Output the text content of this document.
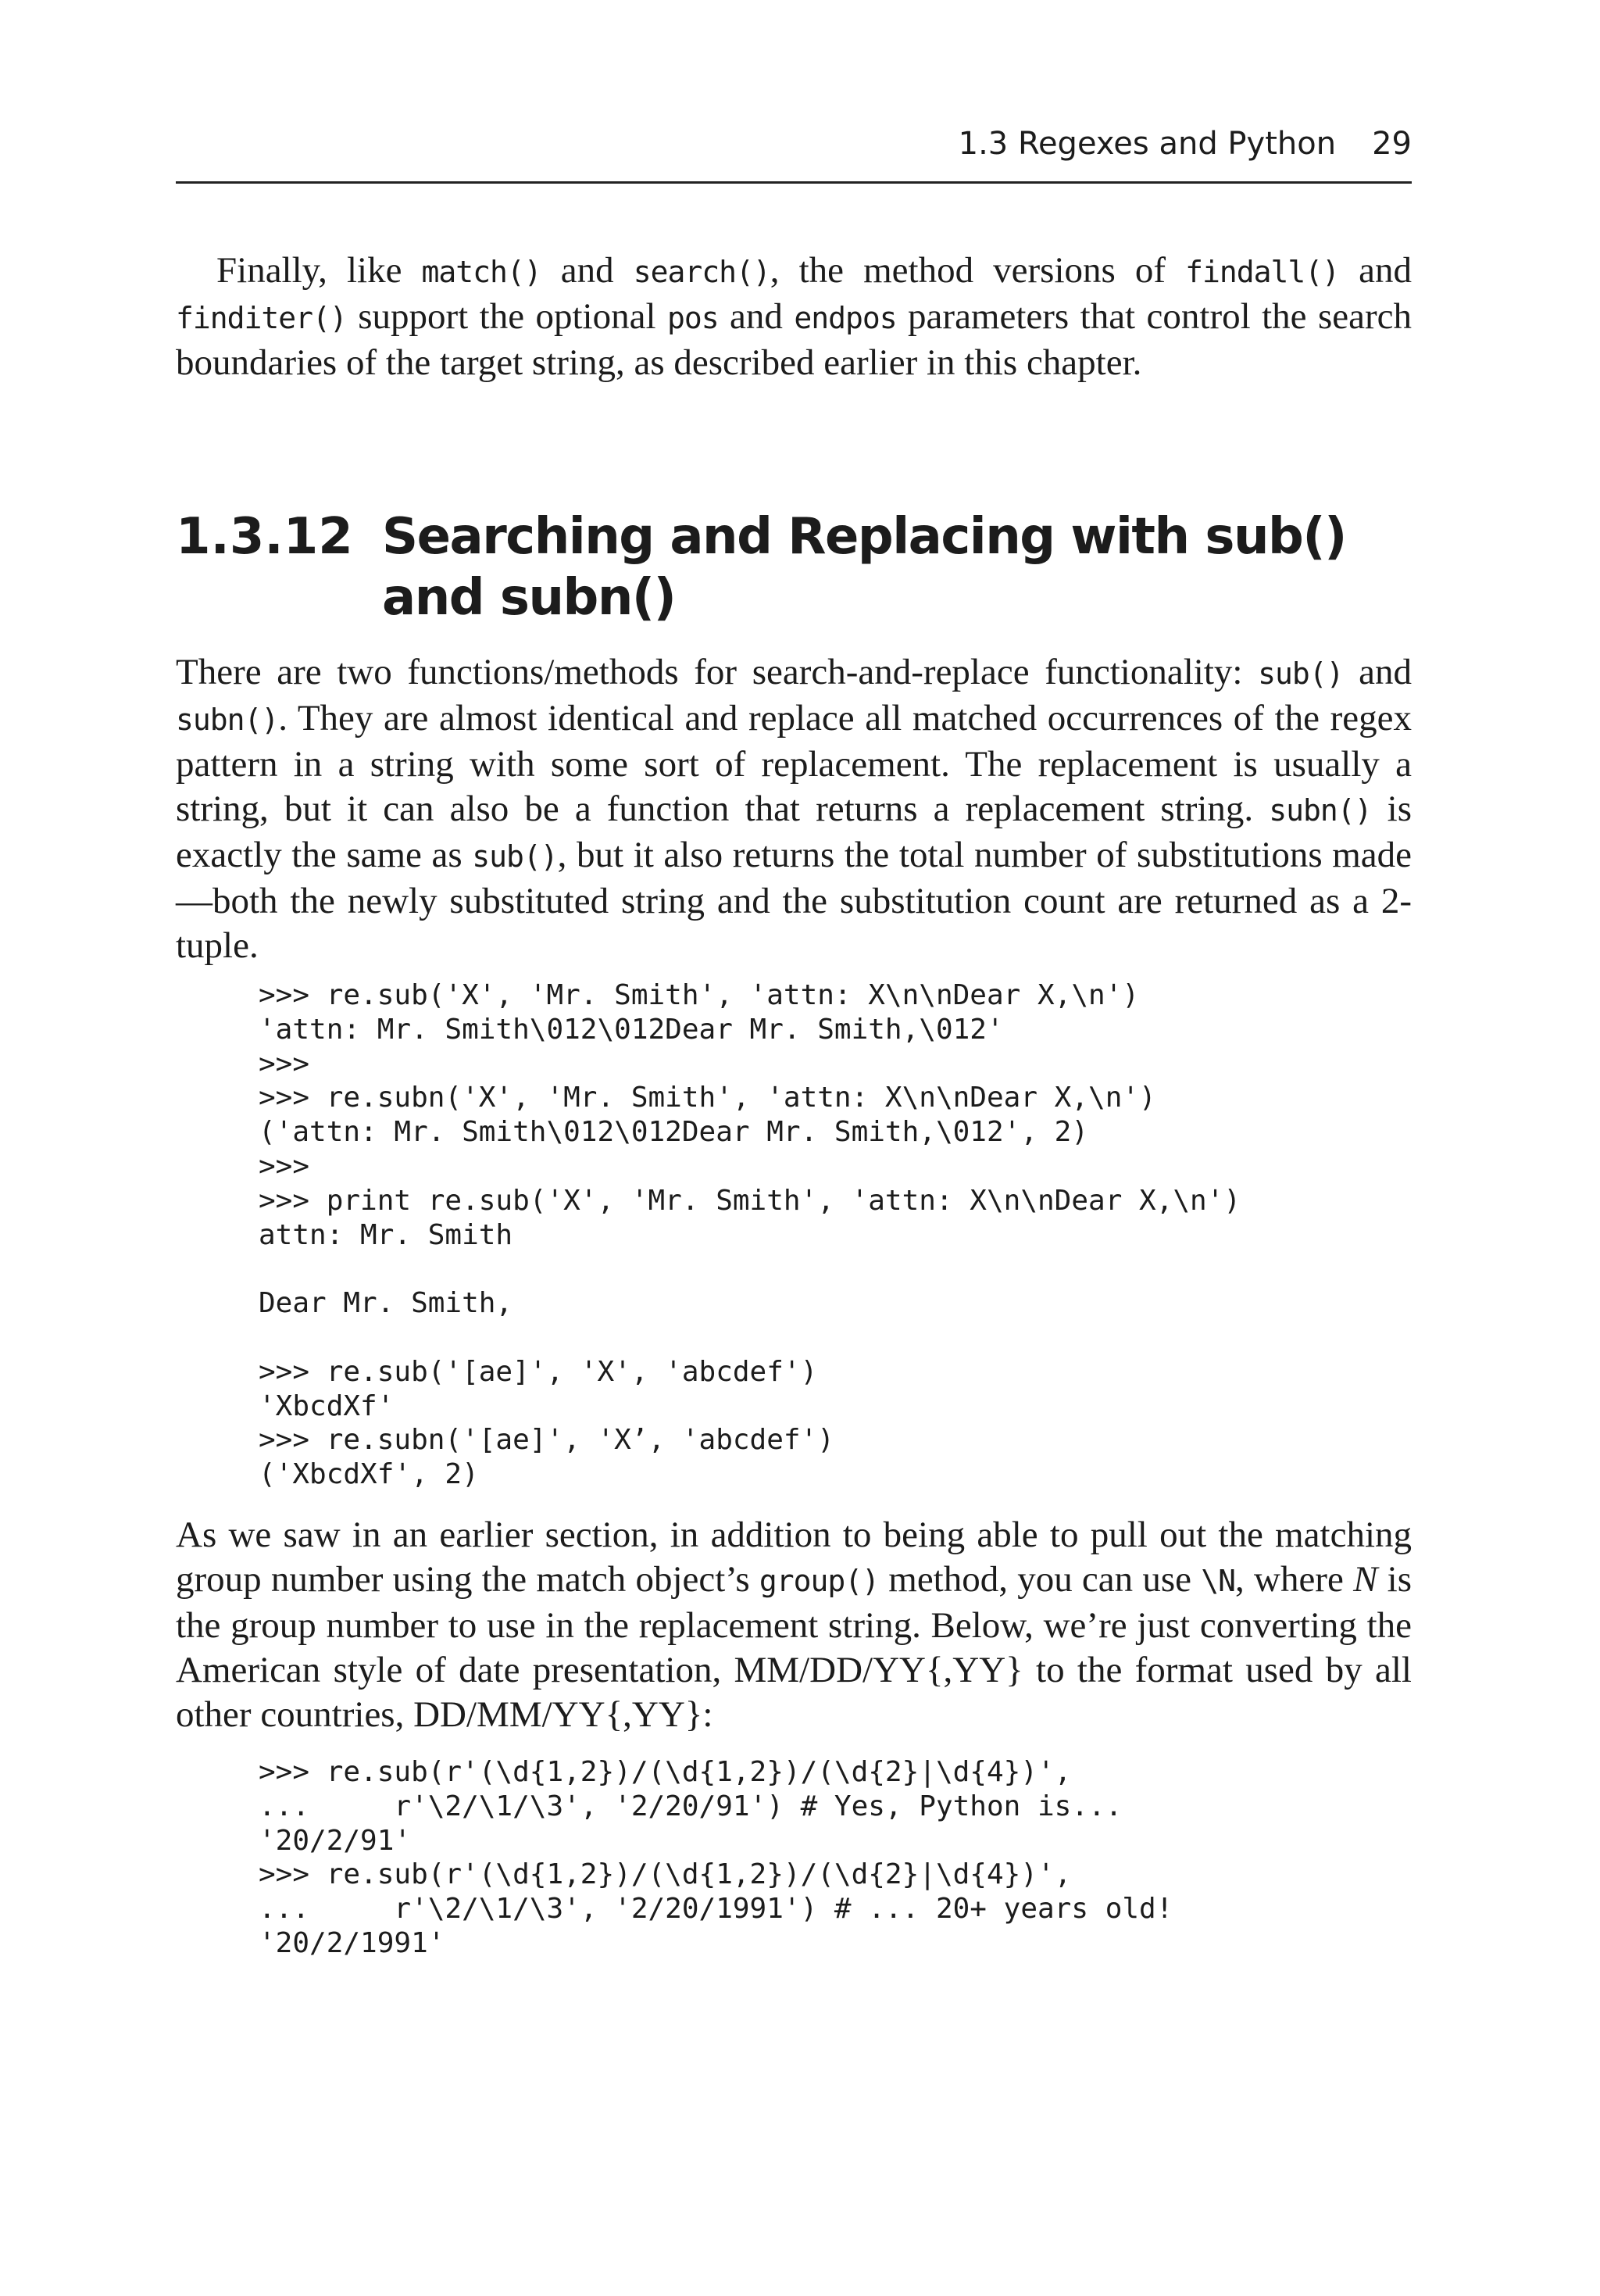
1.3 Regexes and Python 29

Finally, like match() and search(), the method versions of findall() and finditer() support the optional pos and endpos parameters that control the search boundaries of the target string, as described earlier in this chapter.

1.3.12 Searching and Replacing with sub() and subn()

There are two functions/methods for search-and-replace functionality: sub() and subn(). They are almost identical and replace all matched occurrences of the regex pattern in a string with some sort of replacement. The replacement is usually a string, but it can also be a function that returns a replacement string. subn() is exactly the same as sub(), but it also returns the total number of substitutions made—both the newly substituted string and the substitution count are returned as a 2-tuple.

>>> re.sub('X', 'Mr. Smith', 'attn: X\n\nDear X,\n')
'attn: Mr. Smith\012\012Dear Mr. Smith,\012'
>>>
>>> re.subn('X', 'Mr. Smith', 'attn: X\n\nDear X,\n')
('attn: Mr. Smith\012\012Dear Mr. Smith,\012', 2)
>>>
>>> print re.sub('X', 'Mr. Smith', 'attn: X\n\nDear X,\n')
attn: Mr. Smith

Dear Mr. Smith,

>>> re.sub('[ae]', 'X', 'abcdef')
'XbcdXf'
>>> re.subn('[ae]', 'X’, 'abcdef')
('XbcdXf', 2)

As we saw in an earlier section, in addition to being able to pull out the matching group number using the match object’s group() method, you can use \N, where N is the group number to use in the replacement string. Below, we’re just converting the American style of date presentation, MM/DD/YY{,YY} to the format used by all other countries, DD/MM/YY{,YY}:

>>> re.sub(r'(\d{1,2})/(\d{1,2})/(\d{2}|\d{4})',
...     r'\2/\1/\3', '2/20/91') # Yes, Python is...
'20/2/91'
>>> re.sub(r'(\d{1,2})/(\d{1,2})/(\d{2}|\d{4})',
...     r'\2/\1/\3', '2/20/1991') # ... 20+ years old!
'20/2/1991'
